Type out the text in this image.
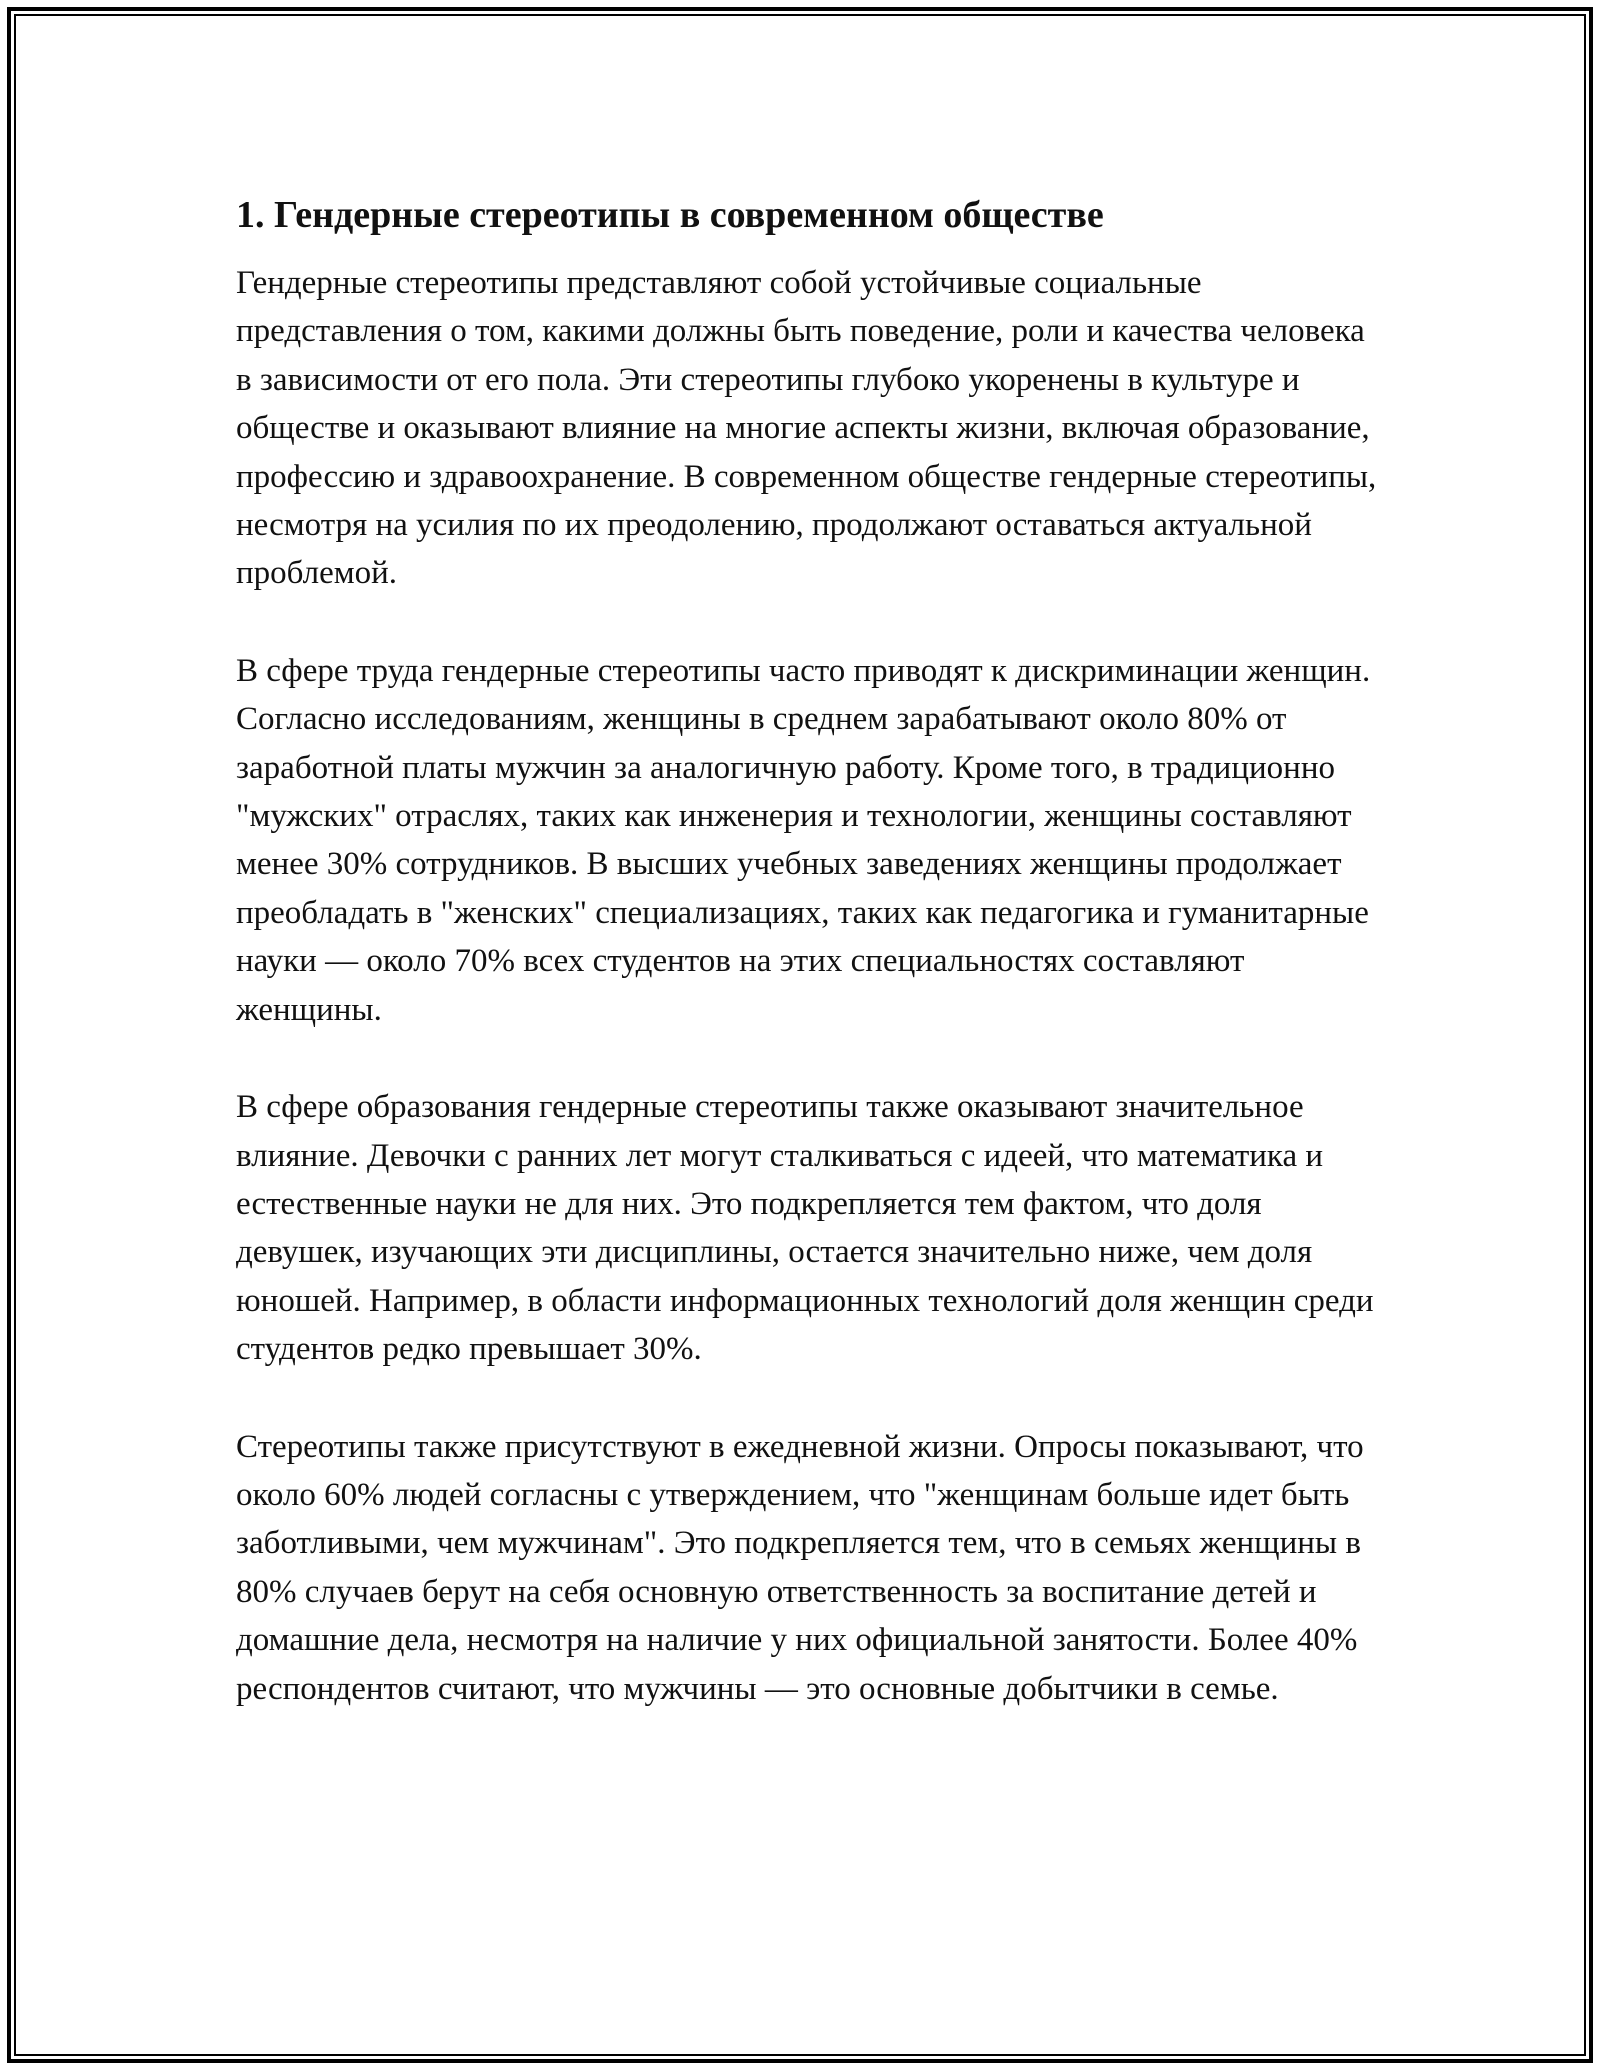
1. Гендерные стереотипы в современном обществе

Гендерные стереотипы представляют собой устойчивые социальные представления о том, какими должны быть поведение, роли и качества человека в зависимости от его пола. Эти стереотипы глубоко укоренены в культуре и обществе и оказывают влияние на многие аспекты жизни, включая образование, профессию и здравоохранение. В современном обществе гендерные стереотипы, несмотря на усилия по их преодолению, продолжают оставаться актуальной проблемой.

В сфере труда гендерные стереотипы часто приводят к дискриминации женщин. Согласно исследованиям, женщины в среднем зарабатывают около 80% от заработной платы мужчин за аналогичную работу. Кроме того, в традиционно "мужских" отраслях, таких как инженерия и технологии, женщины составляют менее 30% сотрудников. В высших учебных заведениях женщины продолжает преобладать в "женских" специализациях, таких как педагогика и гуманитарные науки — около 70% всех студентов на этих специальностях составляют женщины.

В сфере образования гендерные стереотипы также оказывают значительное влияние. Девочки с ранних лет могут сталкиваться с идеей, что математика и естественные науки не для них. Это подкрепляется тем фактом, что доля девушек, изучающих эти дисциплины, остается значительно ниже, чем доля юношей. Например, в области информационных технологий доля женщин среди студентов редко превышает 30%.

Стереотипы также присутствуют в ежедневной жизни. Опросы показывают, что около 60% людей согласны с утверждением, что "женщинам больше идет быть заботливыми, чем мужчинам". Это подкрепляется тем, что в семьях женщины в 80% случаев берут на себя основную ответственность за воспитание детей и домашние дела, несмотря на наличие у них официальной занятости. Более 40% респондентов считают, что мужчины — это основные добытчики в семье.
